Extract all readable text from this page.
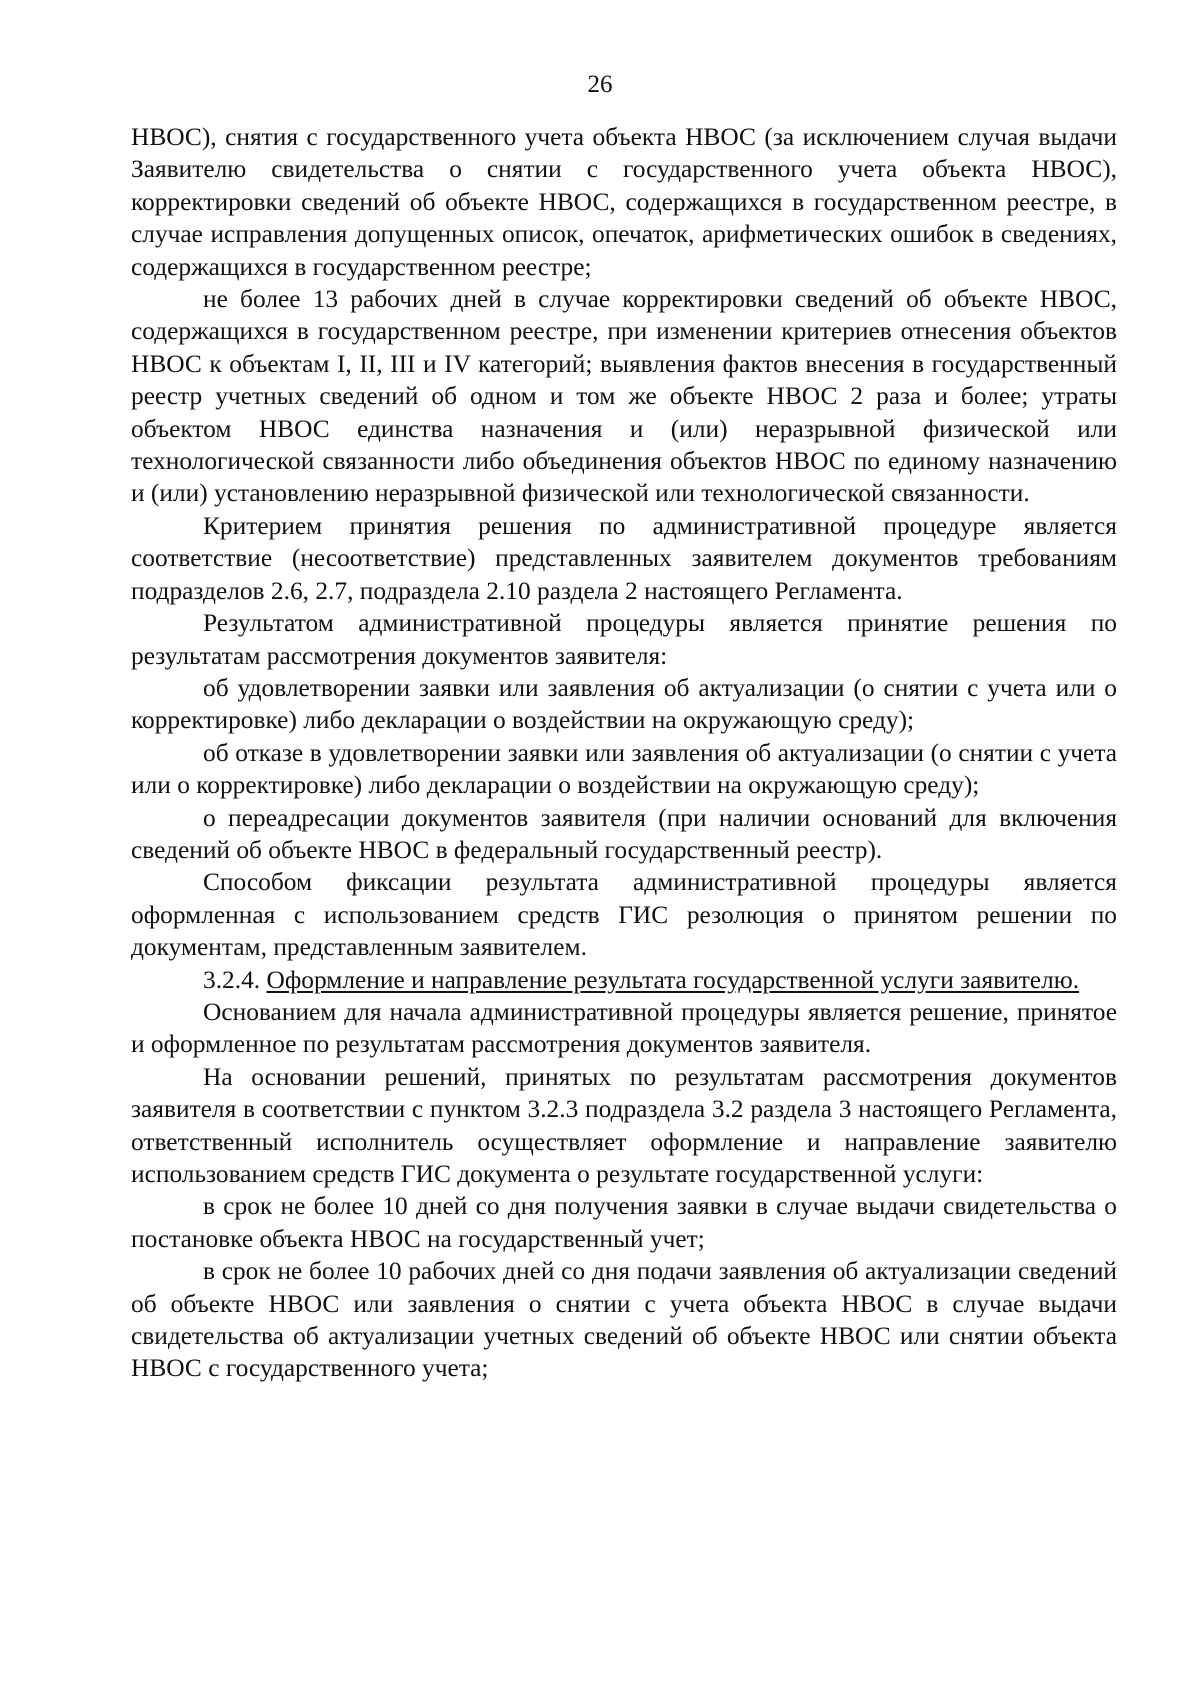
26

НВОС), снятия с государственного учета объекта НВОС (за исключением случая выдачи Заявителю свидетельства о снятии с государственного учета объекта НВОС), корректировки сведений об объекте НВОС, содержащихся в государственном реестре, в случае исправления допущенных описок, опечаток, арифметических ошибок в сведениях, содержащихся в государственном реестре;

не более 13 рабочих дней в случае корректировки сведений об объекте НВОС, содержащихся в государственном реестре, при изменении критериев отнесения объектов НВОС к объектам I, II, III и IV категорий; выявления фактов внесения в государственный реестр учетных сведений об одном и том же объекте НВОС 2 раза и более; утраты объектом НВОС единства назначения и (или) неразрывной физической или технологической связанности либо объединения объектов НВОС по единому назначению и (или) установлению неразрывной физической или технологической связанности.

Критерием принятия решения по административной процедуре является соответствие (несоответствие) представленных заявителем документов требованиям подразделов 2.6, 2.7, подраздела 2.10 раздела 2 настоящего Регламента.

Результатом административной процедуры является принятие решения по результатам рассмотрения документов заявителя:

об удовлетворении заявки или заявления об актуализации (о снятии с учета или о корректировке) либо декларации о воздействии на окружающую среду);

об отказе в удовлетворении заявки или заявления об актуализации (о снятии с учета или о корректировке) либо декларации о воздействии на окружающую среду);

о переадресации документов заявителя (при наличии оснований для включения сведений об объекте НВОС в федеральный государственный реестр).

Способом фиксации результата административной процедуры является оформленная с использованием средств ГИС резолюция о принятом решении по документам, представленным заявителем.

3.2.4. Оформление и направление результата государственной услуги заявителю.

Основанием для начала административной процедуры является решение, принятое и оформленное по результатам рассмотрения документов заявителя.

На основании решений, принятых по результатам рассмотрения документов заявителя в соответствии с пунктом 3.2.3 подраздела 3.2 раздела 3 настоящего Регламента, ответственный исполнитель осуществляет оформление и направление заявителю использованием средств ГИС документа о результате государственной услуги:

в срок не более 10 дней со дня получения заявки в случае выдачи свидетельства о постановке объекта НВОС на государственный учет;

в срок не более 10 рабочих дней со дня подачи заявления об актуализации сведений об объекте НВОС или заявления о снятии с учета объекта НВОС в случае выдачи свидетельства об актуализации учетных сведений об объекте НВОС или снятии объекта НВОС с государственного учета;
